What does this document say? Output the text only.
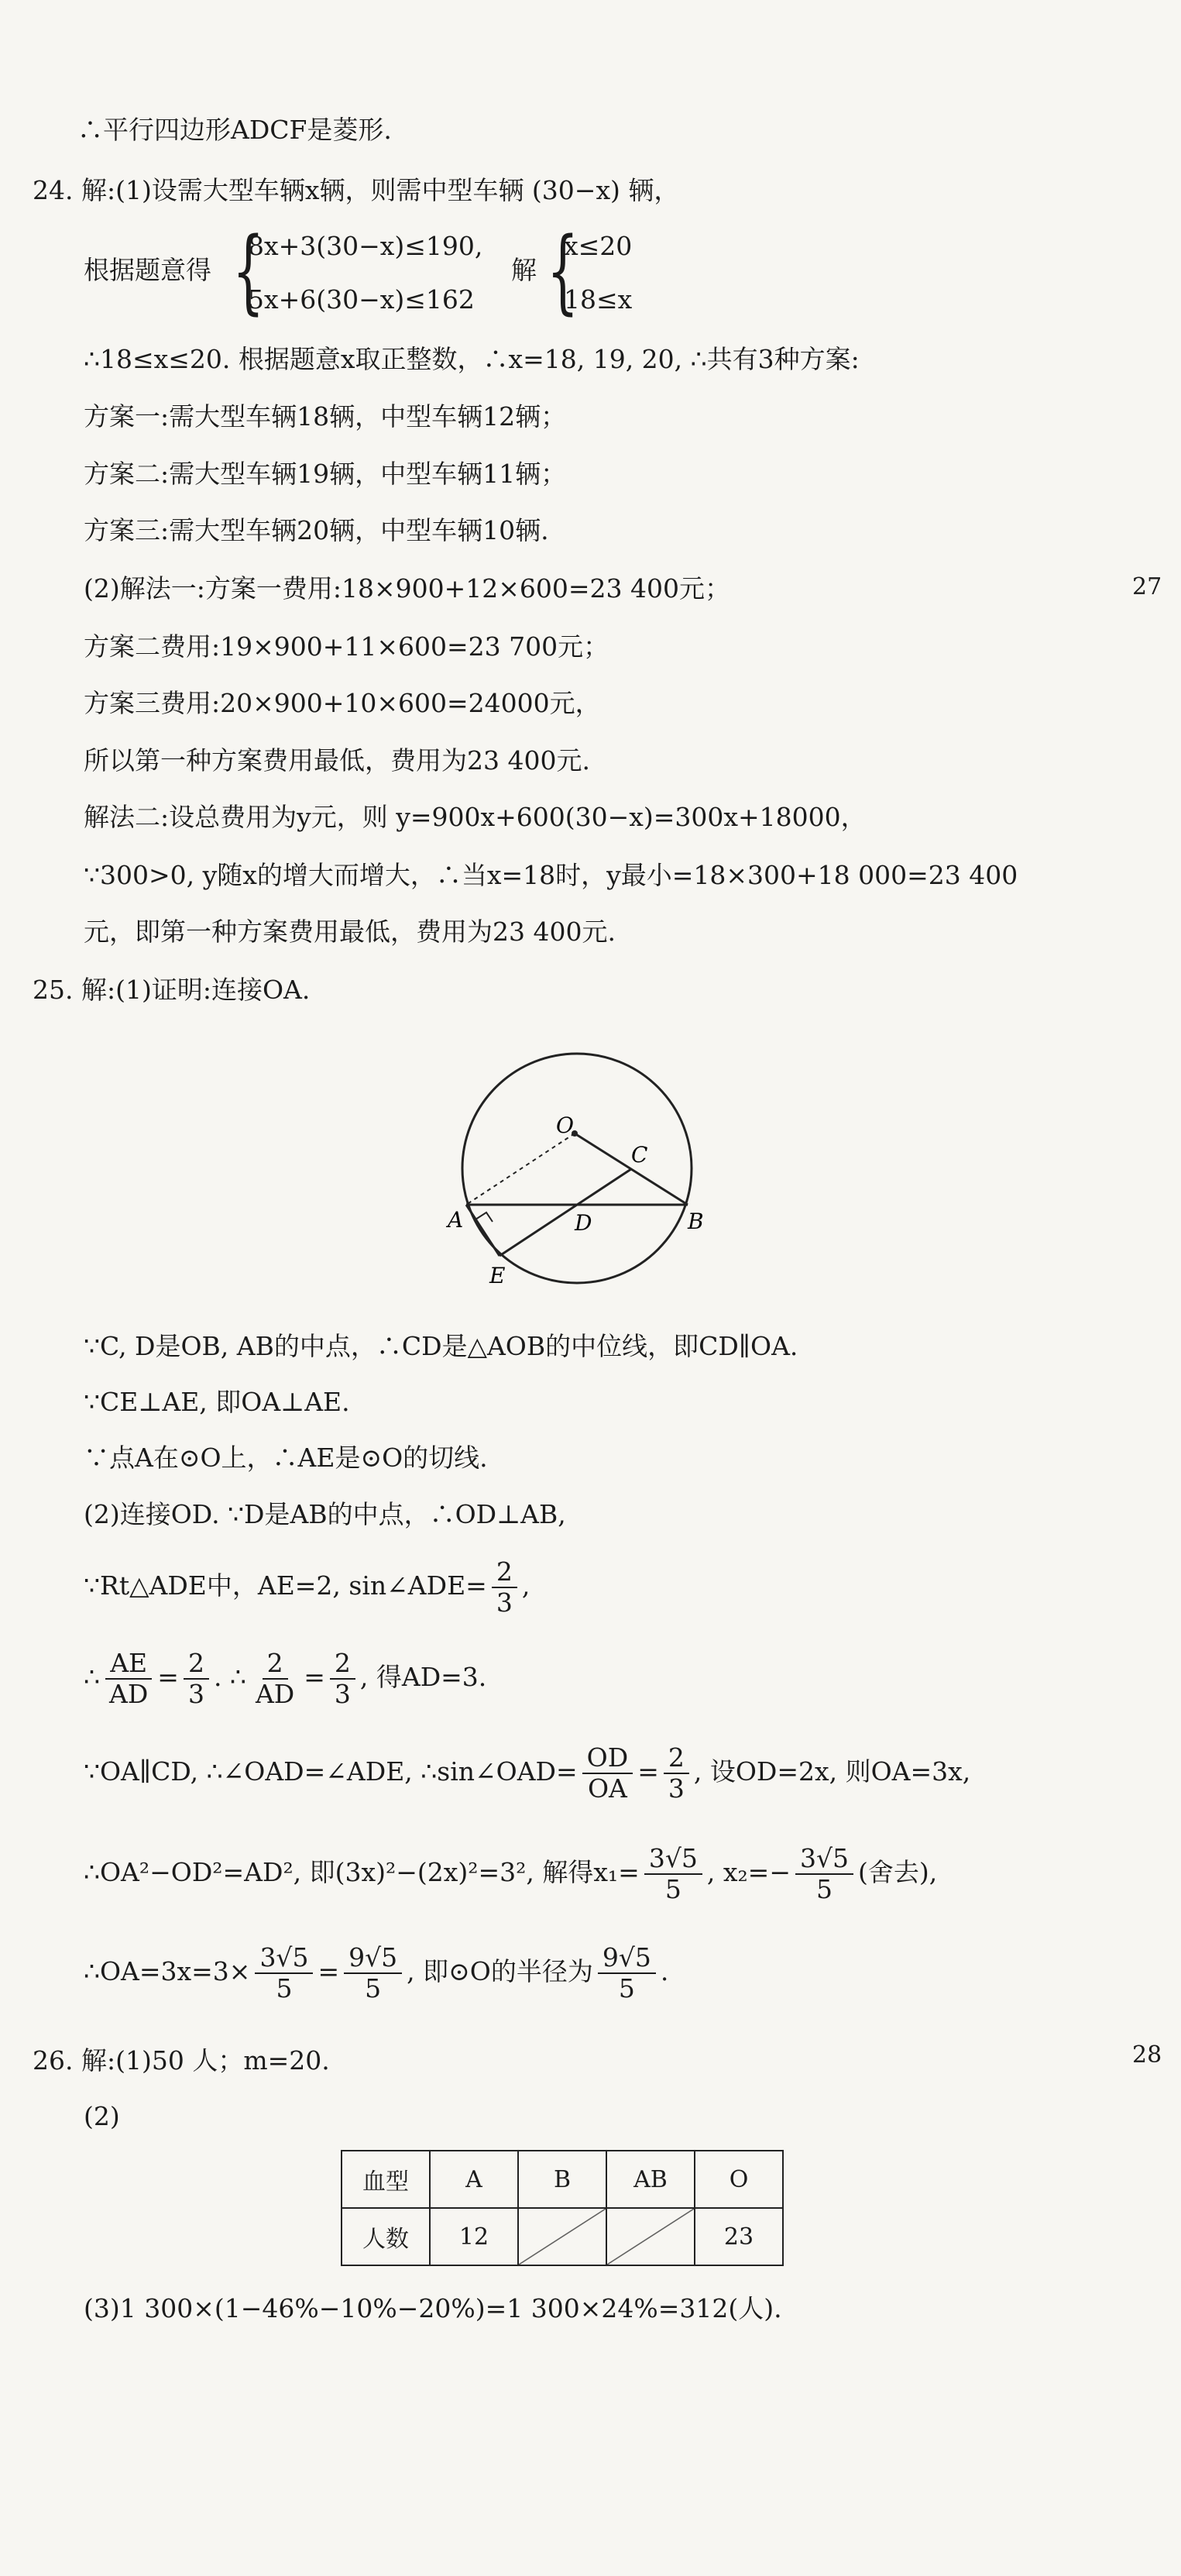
27
28
∴平行四边形ADCF是菱形.
24. 解:(1)设需大型车辆x辆，则需中型车辆 (30−x) 辆，
根据题意得 {
8x+3(30−x)≤190,
5x+6(30−x)≤162
解 {
x≤20
18≤x
∴18≤x≤20. 根据题意x取正整数，∴x=18, 19, 20, ∴共有3种方案:
方案一:需大型车辆18辆，中型车辆12辆；
方案二:需大型车辆19辆，中型车辆11辆；
方案三:需大型车辆20辆，中型车辆10辆.
(2)解法一:方案一费用:18×900+12×600=23 400元；
方案二费用:19×900+11×600=23 700元；
方案三费用:20×900+10×600=24000元，
所以第一种方案费用最低，费用为23 400元.
解法二:设总费用为y元，则 y=900x+600(30−x)=300x+18000，
∵300>0, y随x的增大而增大，∴当x=18时，y最小=18×300+18 000=23 400
元，即第一种方案费用最低，费用为23 400元.
25. 解:(1)证明:连接OA.
O
C
A	D	B
E
∵C, D是OB, AB的中点，∴CD是△AOB的中位线，即CD∥OA.
∵CE⊥AE, 即OA⊥AE.
∵点A在⊙O上，∴AE是⊙O的切线.
(2)连接OD. ∵D是AB的中点，∴OD⊥AB,
∵Rt△ADE中，AE=2, sin∠ADE= $\frac{2}{3}$ ,
∴ $\frac{AE}{AD} = \frac{2}{3}$ . ∴ $\frac{2}{AD} = \frac{2}{3}$ , 得AD=3.
∵OA∥CD, ∴∠OAD=∠ADE, ∴sin∠OAD= $\frac{OD}{OA} = \frac{2}{3}$ , 设OD=2x, 则OA=3x,
∴OA²−OD²=AD², 即(3x)²−(2x)²=3², 解得$x_1= \frac{3√5}{5}$ , $x_2=- \frac{3√5}{5}$ (舍去),
∴OA=3x=3× $\frac{3√5}{5} = \frac{9√5}{5}$ , 即⊙O的半径为 $\frac{9√5}{5}$ .
26. 解:(1)50 人；m=20.
(2)
血型	A	B	AB	O
人数	12			23
(3)1 300×(1−46%−10%−20%)=1 300×24%=312(人).
